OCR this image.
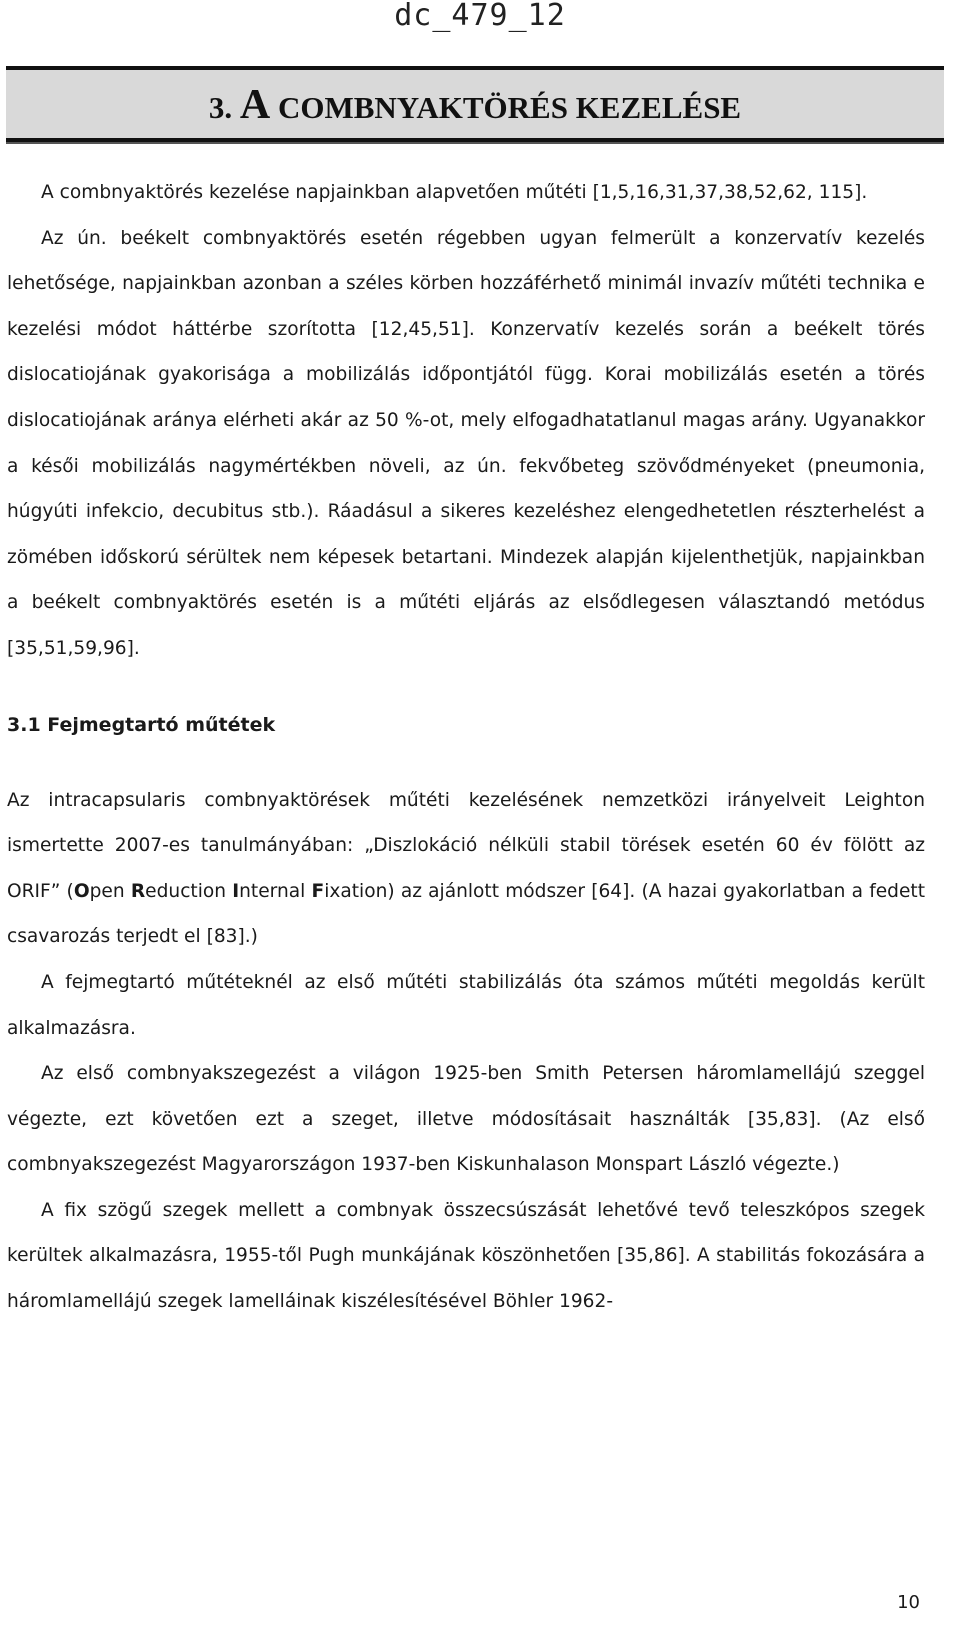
dc_479_12
3. A COMBNYAKTÖRÉS KEZELÉSE

A combnyaktörés kezelése napjainkban alapvetően műtéti [1,5,16,31,37,38,52,62, 115].

Az ún. beékelt combnyaktörés esetén régebben ugyan felmerült a konzervatív kezelés lehetősége, napjainkban azonban a széles körben hozzáférhető minimál invazív műtéti technika e kezelési módot háttérbe szorította [12,45,51]. Konzervatív kezelés során a beékelt törés dislocatiojának gyakorisága a mobilizálás időpontjától függ. Korai mobilizálás esetén a törés dislocatiojának aránya elérheti akár az 50 %-ot, mely elfogadhatatlanul magas arány. Ugyanakkor a késői mobilizálás nagymértékben növeli, az ún. fekvőbeteg szövődményeket (pneumonia, húgyúti infekcio, decubitus stb.). Ráadásul a sikeres kezeléshez elengedhetetlen részterhelést a zömében időskorú sérültek nem képesek betartani. Mindezek alapján kijelenthetjük, napjainkban a beékelt combnyaktörés esetén is a műtéti eljárás az elsődlegesen választandó metódus [35,51,59,96].

3.1 Fejmegtartó műtétek

Az intracapsularis combnyaktörések műtéti kezelésének nemzetközi irányelveit Leighton ismertette 2007-es tanulmányában: „Diszlokáció nélküli stabil törések esetén 60 év fölött az ORIF” (Open Reduction Internal Fixation) az ajánlott módszer [64]. (A hazai gyakorlatban a fedett csavarozás terjedt el [83].)

A fejmegtartó műtéteknél az első műtéti stabilizálás óta számos műtéti megoldás került alkalmazásra.

Az első combnyakszegezést a világon 1925-ben Smith Petersen háromlamellájú szeggel végezte, ezt követően ezt a szeget, illetve módosításait használták [35,83]. (Az első combnyakszegezést Magyarországon 1937-ben Kiskunhalason Monspart László végezte.)

A fix szögű szegek mellett a combnyak összecsúszását lehetővé tevő teleszkópos szegek kerültek alkalmazásra, 1955-től Pugh munkájának köszönhetően [35,86]. A stabilitás fokozására a háromlamellájú szegek lamelláinak kiszélesítésével Böhler 1962-

10
